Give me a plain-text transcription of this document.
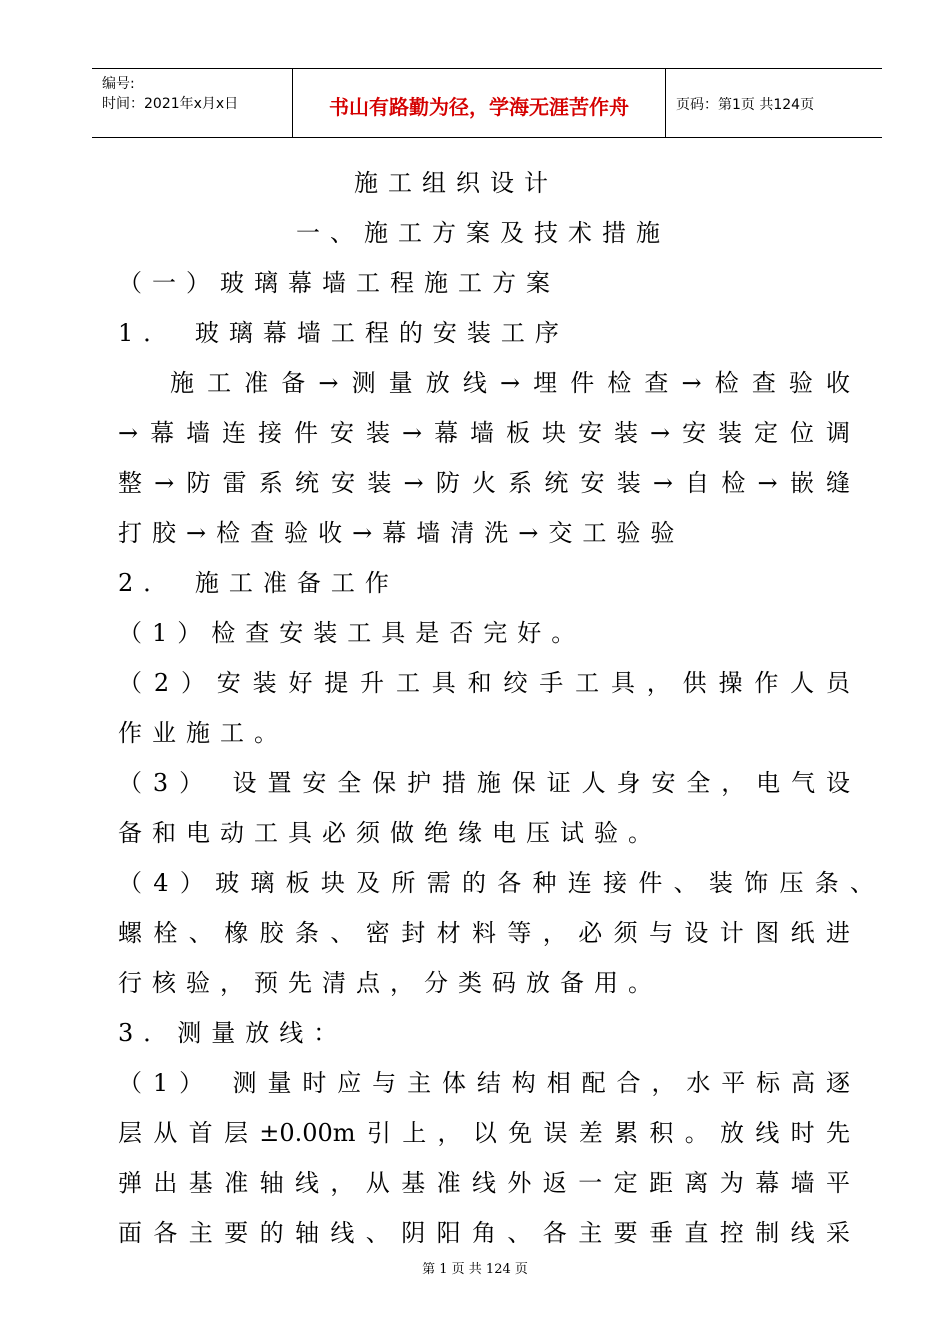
编号:
时间：2021年x月x日	书山有路勤为径，学海无涯苦作舟	页码：第1页 共124页
施工组织设计
一、施工方案及技术措施
（一）玻璃幕墙工程施工方案
1． 玻璃幕墙工程的安装工序
施工准备→测量放线→埋件检查→检查验收
→幕墙连接件安装→幕墙板块安装→安装定位调
整→防雷系统安装→防火系统安装→自检→嵌缝
打胶→检查验收→幕墙清洗→交工验验
2． 施工准备工作
（1）检查安装工具是否完好。
（2）安装好提升工具和绞手工具，供操作人员
作业施工。
（3） 设置安全保护措施保证人身安全，电气设
备和电动工具必须做绝缘电压试验。
（4）玻璃板块及所需的各种连接件、装饰压条、
螺栓、橡胶条、密封材料等，必须与设计图纸进
行核验，预先清点，分类码放备用。
3．测量放线：
（1） 测量时应与主体结构相配合，水平标高逐
层从首层±0.00m引上，以免误差累积。放线时先
弹出基准轴线，从基准线外返一定距离为幕墙平
面各主要的轴线、阴阳角、各主要垂直控制线采
第 1 页 共 124 页
